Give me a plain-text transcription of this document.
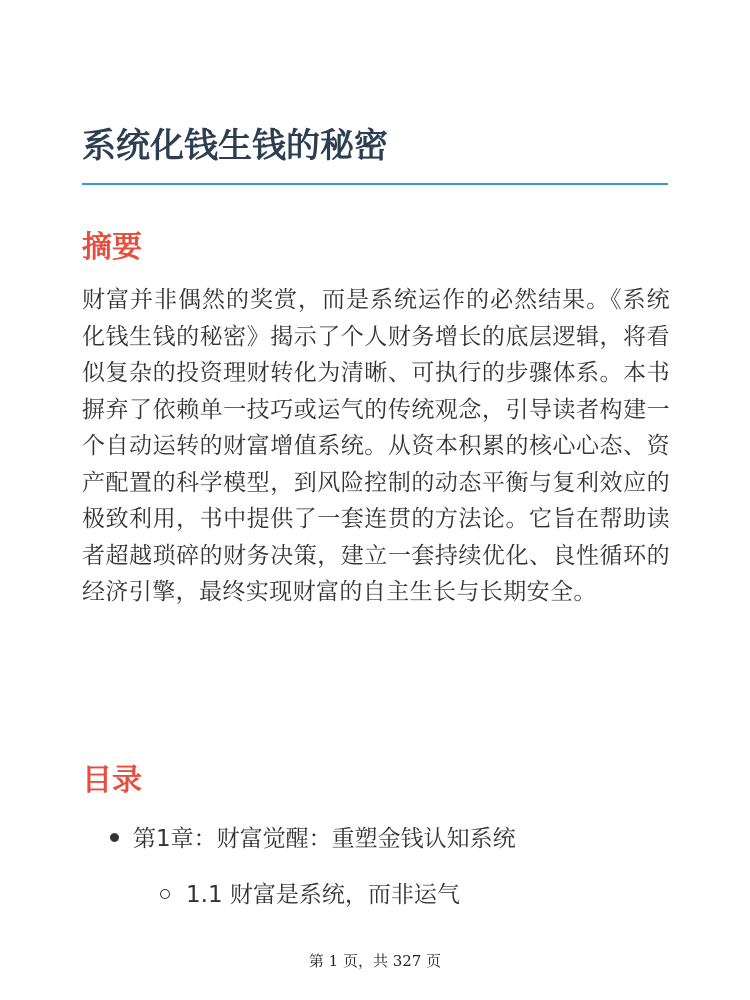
系统化钱生钱的秘密
摘要

财富并非偶然的奖赏，而是系统运作的必然结果。《系统化钱生钱的秘密》揭示了个人财务增长的底层逻辑，将看似复杂的投资理财转化为清晰、可执行的步骤体系。本书摒弃了依赖单一技巧或运气的传统观念，引导读者构建一个自动运转的财富增值系统。从资本积累的核心心态、资产配置的科学模型，到风险控制的动态平衡与复利效应的极致利用，书中提供了一套连贯的方法论。它旨在帮助读者超越琐碎的财务决策，建立一套持续优化、良性循环的经济引擎，最终实现财富的自主生长与长期安全。

目录
第1章：财富觉醒：重塑金钱认知系统
1.1 财富是系统，而非运气
第 1 页，共 327 页
